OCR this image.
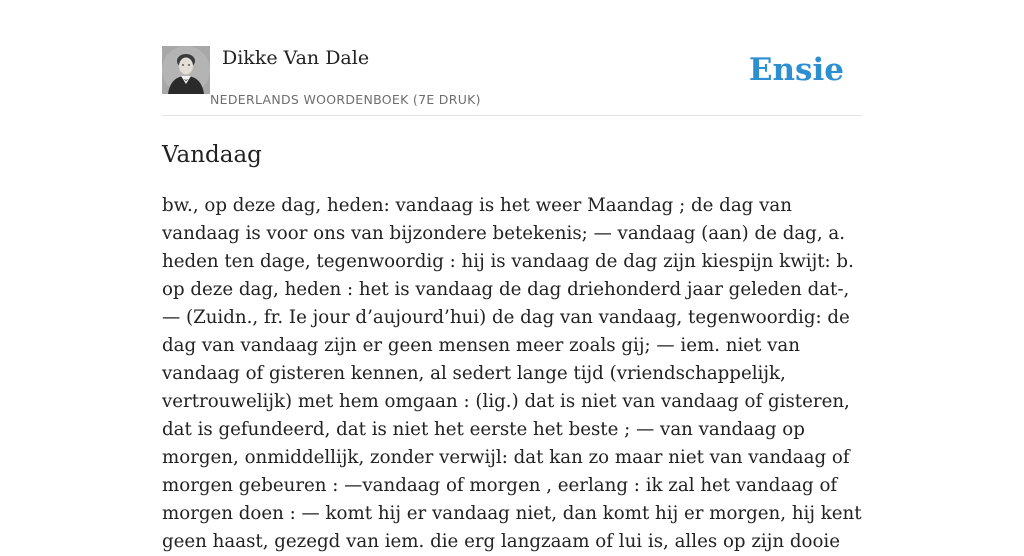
Dikke Van Dale
NEDERLANDS WOORDENBOEK (7E DRUK)
Ensie
Vandaag

bw., op deze dag, heden: vandaag is het weer Maandag ; de dag van vandaag is voor ons van bijzondere betekenis; — vandaag (aan) de dag, a. heden ten dage, tegenwoordig : hij is vandaag de dag zijn kiespijn kwijt: b. op deze dag, heden : het is vandaag de dag driehonderd jaar geleden dat-, — (Zuidn., fr. Ie jour d’aujourd’hui) de dag van vandaag, tegenwoordig: de dag van vandaag zijn er geen mensen meer zoals gij; — iem. niet van vandaag of gisteren kennen, al sedert lange tijd (vriendschappelijk, vertrouwelijk) met hem omgaan : (lig.) dat is niet van vandaag of gisteren, dat is gefundeerd, dat is niet het eerste het beste ; — van vandaag op morgen, onmiddellijk, zonder verwijl: dat kan zo maar niet van vandaag of morgen gebeuren : —vandaag of morgen , eerlang : ik zal het vandaag of morgen doen : — komt hij er vandaag niet, dan komt hij er morgen, hij kent geen haast, gezegd van iem. die erg langzaam of lui is, alles op zijn dooie
